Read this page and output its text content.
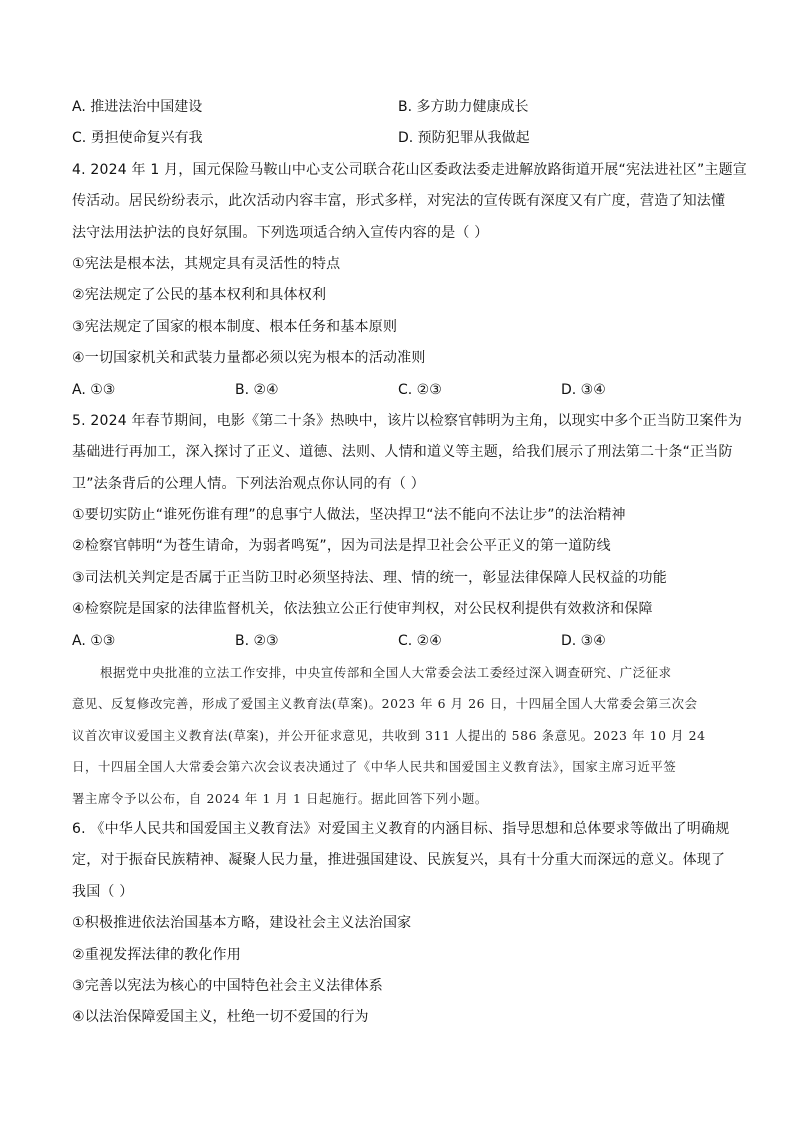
A. 推进法治中国建设	B. 多方助力健康成长
C. 勇担使命复兴有我	D. 预防犯罪从我做起
4. 2024 年 1 月，国元保险马鞍山中心支公司联合花山区委政法委走进解放路街道开展“宪法进社区”主题宣
传活动。居民纷纷表示，此次活动内容丰富，形式多样，对宪法的宣传既有深度又有广度，营造了知法懂
法守法用法护法的良好氛围。下列选项适合纳入宣传内容的是（ ）
①宪法是根本法，其规定具有灵活性的特点
②宪法规定了公民的基本权利和具体权利
③宪法规定了国家的根本制度、根本任务和基本原则
④一切国家机关和武装力量都必须以宪为根本的活动准则
A. ①③	B. ②④	C. ②③	D. ③④
5. 2024 年春节期间，电影《第二十条》热映中，该片以检察官韩明为主角，以现实中多个正当防卫案件为
基础进行再加工，深入探讨了正义、道德、法则、人情和道义等主题，给我们展示了刑法第二十条“正当防
卫”法条背后的公理人情。下列法治观点你认同的有（ ）
①要切实防止“谁死伤谁有理”的息事宁人做法，坚决捍卫“法不能向不法让步”的法治精神
②检察官韩明“为苍生请命，为弱者鸣冤”，因为司法是捍卫社会公平正义的第一道防线
③司法机关判定是否属于正当防卫时必须坚持法、理、情的统一，彰显法律保障人民权益的功能
④检察院是国家的法律监督机关，依法独立公正行使审判权，对公民权利提供有效救济和保障
A. ①③	B. ②③	C. ②④	D. ③④
根据党中央批准的立法工作安排，中央宣传部和全国人大常委会法工委经过深入调查研究、广泛征求
意见、反复修改完善，形成了爱国主义教育法(草案)。2023 年 6 月 26 日，十四届全国人大常委会第三次会
议首次审议爱国主义教育法(草案)，并公开征求意见，共收到 311 人提出的 586 条意见。2023 年 10 月 24
日，十四届全国人大常委会第六次会议表决通过了《中华人民共和国爱国主义教育法》，国家主席习近平签
署主席令予以公布，自 2024 年 1 月 1 日起施行。据此回答下列小题。
6. 《中华人民共和国爱国主义教育法》对爱国主义教育的内涵目标、指导思想和总体要求等做出了明确规
定，对于振奋民族精神、凝聚人民力量，推进强国建设、民族复兴，具有十分重大而深远的意义。体现了
我国（ ）
①积极推进依法治国基本方略，建设社会主义法治国家
②重视发挥法律的教化作用
③完善以宪法为核心的中国特色社会主义法律体系
④以法治保障爱国主义，杜绝一切不爱国的行为
